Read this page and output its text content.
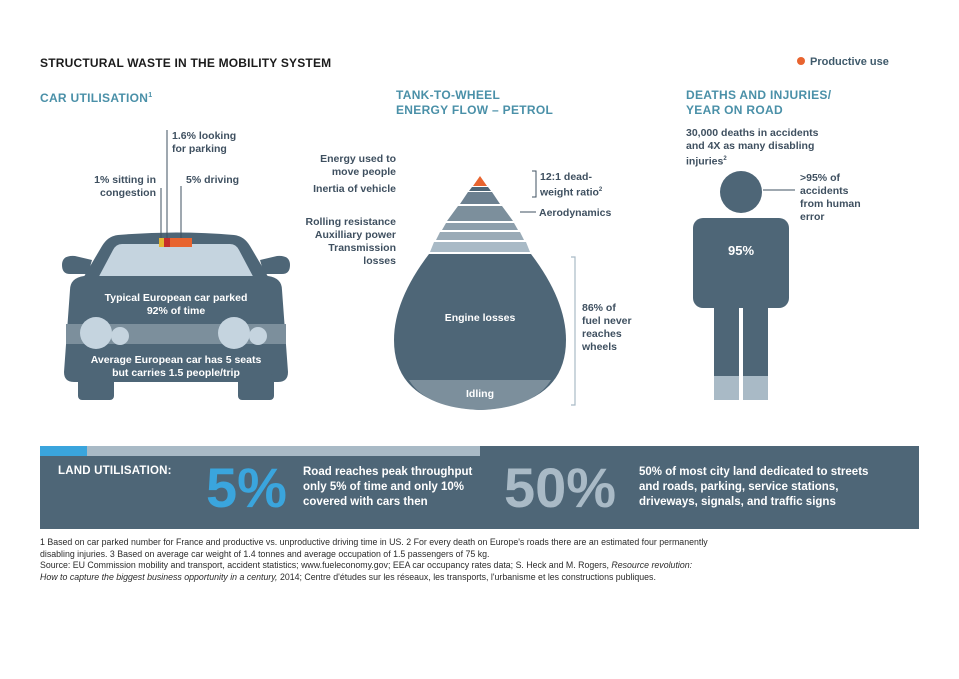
STRUCTURAL WASTE IN THE MOBILITY SYSTEM	Productive use
CAR UTILISATION$^1$
1.6% looking
for parking
1% sitting in
congestion
5% driving
Typical European car parked
92% of time
Average European car has 5 seats
but carries 1.5 people/trip
TANK-TO-WHEEL
ENERGY FLOW – PETROL
Energy used to
move people
Inertia of vehicle
Rolling resistance
Auxilliary power
Transmission
losses
12:1 dead-
weight ratio$^2$
Aerodynamics
Engine losses
Idling
86% of
fuel never
reaches
wheels
DEATHS AND INJURIES/
YEAR ON ROAD
30,000 deaths in accidents
and 4X as many disabling
injuries$^2$
>95% of
accidents
from human
error
95%
LAND UTILISATION: 5% Road reaches peak throughput
only 5% of time and only 10%
covered with cars then	50% 50% of most city land dedicated to streets
and roads, parking, service stations,
driveways, signals, and traffic signs
1 Based on car parked number for France and productive vs. unproductive driving time in US. 2 For every death on Europe's roads there are an estimated four permanently
disabling injuries. 3 Based on average car weight of 1.4 tonnes and average occupation of 1.5 passengers of 75 kg.
Source: EU Commission mobility and transport, accident statistics; www.fueleconomy.gov; EEA car occupancy rates data; S. Heck and M. Rogers, Resource revolution:
How to capture the biggest business opportunity in a century, 2014; Centre d'études sur les réseaux, les transports, l'urbanisme et les constructions publiques.
